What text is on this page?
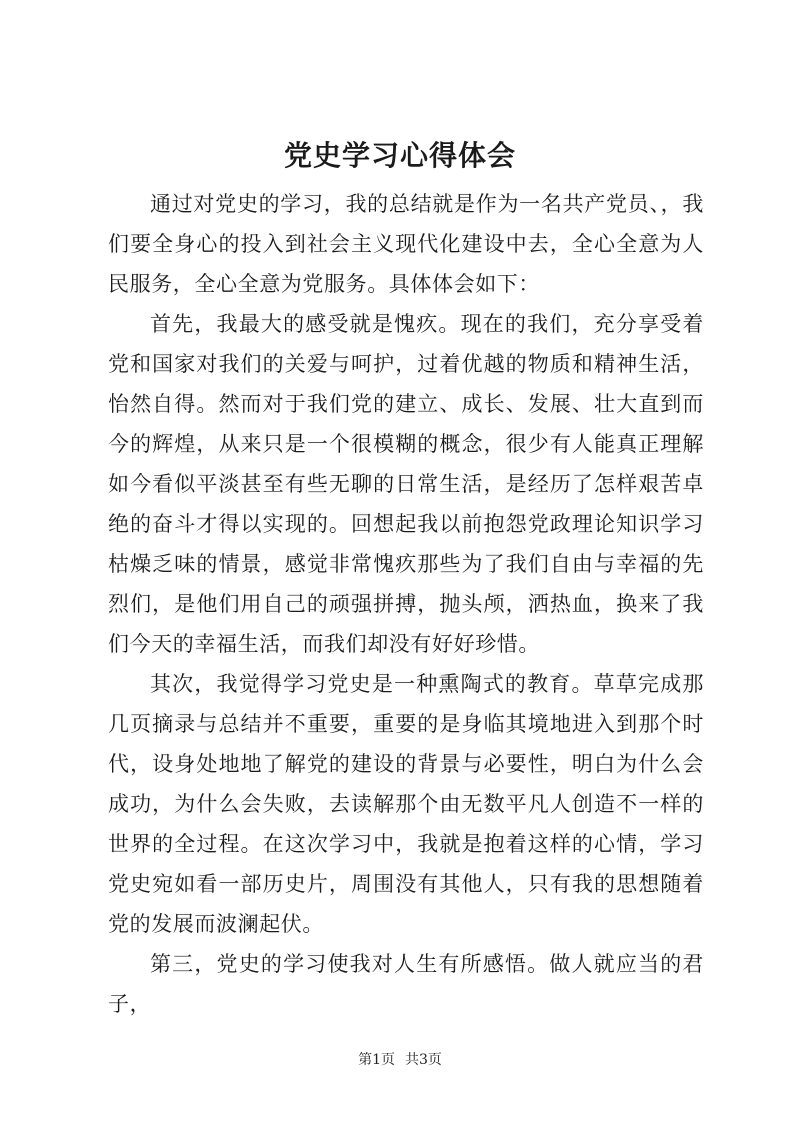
党史学习心得体会

通过对党史的学习，我的总结就是作为一名共产党员、，我们要全身心的投入到社会主义现代化建设中去，全心全意为人民服务，全心全意为党服务。具体体会如下：

首先，我最大的感受就是愧疚。现在的我们，充分享受着党和国家对我们的关爱与呵护，过着优越的物质和精神生活，怡然自得。然而对于我们党的建立、成长、发展、壮大直到而今的辉煌，从来只是一个很模糊的概念，很少有人能真正理解如今看似平淡甚至有些无聊的日常生活，是经历了怎样艰苦卓绝的奋斗才得以实现的。回想起我以前抱怨党政理论知识学习枯燥乏味的情景，感觉非常愧疚那些为了我们自由与幸福的先烈们，是他们用自己的顽强拼搏，抛头颅，洒热血，换来了我们今天的幸福生活，而我们却没有好好珍惜。

其次，我觉得学习党史是一种熏陶式的教育。草草完成那几页摘录与总结并不重要，重要的是身临其境地进入到那个时代，设身处地地了解党的建设的背景与必要性，明白为什么会成功，为什么会失败，去读解那个由无数平凡人创造不一样的世界的全过程。在这次学习中，我就是抱着这样的心情，学习党史宛如看一部历史片，周围没有其他人，只有我的思想随着党的发展而波澜起伏。

第三，党史的学习使我对人生有所感悟。做人就应当的君子，

第1页 共3页
